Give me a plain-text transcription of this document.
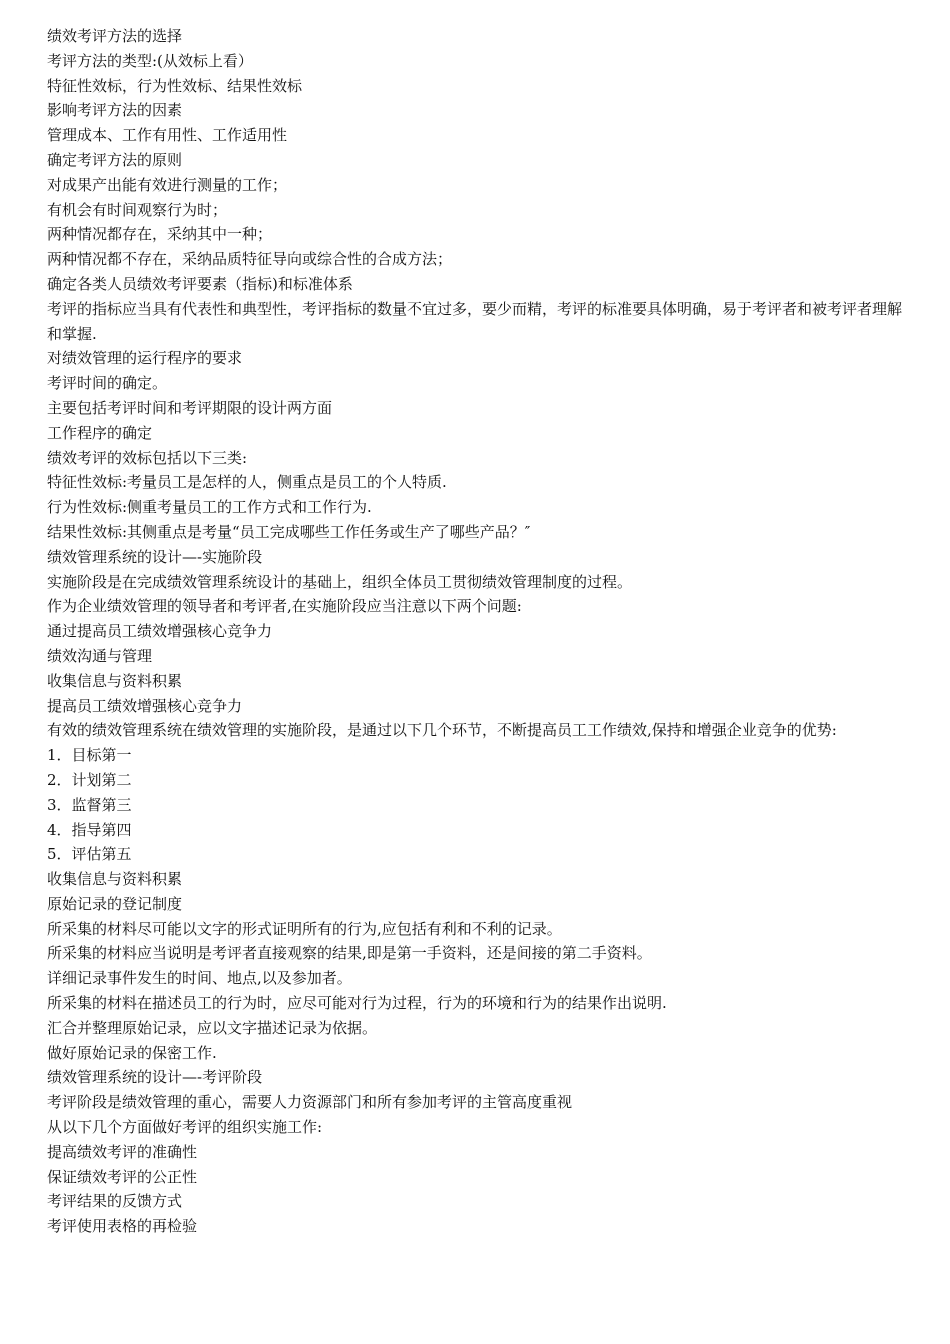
绩效考评方法的选择

考评方法的类型:(从效标上看）

特征性效标，行为性效标、结果性效标

影响考评方法的因素

管理成本、工作有用性、工作适用性

确定考评方法的原则

对成果产出能有效进行测量的工作；

有机会有时间观察行为时；

两种情况都存在，采纳其中一种；

两种情况都不存在，采纳品质特征导向或综合性的合成方法；

确定各类人员绩效考评要素（指标)和标准体系

考评的指标应当具有代表性和典型性，考评指标的数量不宜过多，要少而精，考评的标准要具体明确，易于考评者和被考评者理解和掌握.

对绩效管理的运行程序的要求

考评时间的确定。

主要包括考评时间和考评期限的设计两方面

工作程序的确定

绩效考评的效标包括以下三类:

特征性效标:考量员工是怎样的人，侧重点是员工的个人特质.

行为性效标:侧重考量员工的工作方式和工作行为.

结果性效标:其侧重点是考量“员工完成哪些工作任务或生产了哪些产品？″

绩效管理系统的设计—-实施阶段

实施阶段是在完成绩效管理系统设计的基础上，组织全体员工贯彻绩效管理制度的过程。

作为企业绩效管理的领导者和考评者,在实施阶段应当注意以下两个问题:

通过提高员工绩效增强核心竞争力

绩效沟通与管理

收集信息与资料积累

提高员工绩效增强核心竞争力

有效的绩效管理系统在绩效管理的实施阶段，是通过以下几个环节，不断提高员工工作绩效,保持和增强企业竞争的优势:

1．目标第一

2．计划第二

3．监督第三

4．指导第四

5．评估第五

收集信息与资料积累

原始记录的登记制度

所采集的材料尽可能以文字的形式证明所有的行为,应包括有利和不利的记录。

所采集的材料应当说明是考评者直接观察的结果,即是第一手资料，还是间接的第二手资料。

详细记录事件发生的时间、地点,以及参加者。

所采集的材料在描述员工的行为时，应尽可能对行为过程，行为的环境和行为的结果作出说明.

汇合并整理原始记录，应以文字描述记录为依据。

做好原始记录的保密工作.

绩效管理系统的设计—-考评阶段

考评阶段是绩效管理的重心，需要人力资源部门和所有参加考评的主管高度重视

从以下几个方面做好考评的组织实施工作:

提高绩效考评的准确性

保证绩效考评的公正性

考评结果的反馈方式

考评使用表格的再检验
